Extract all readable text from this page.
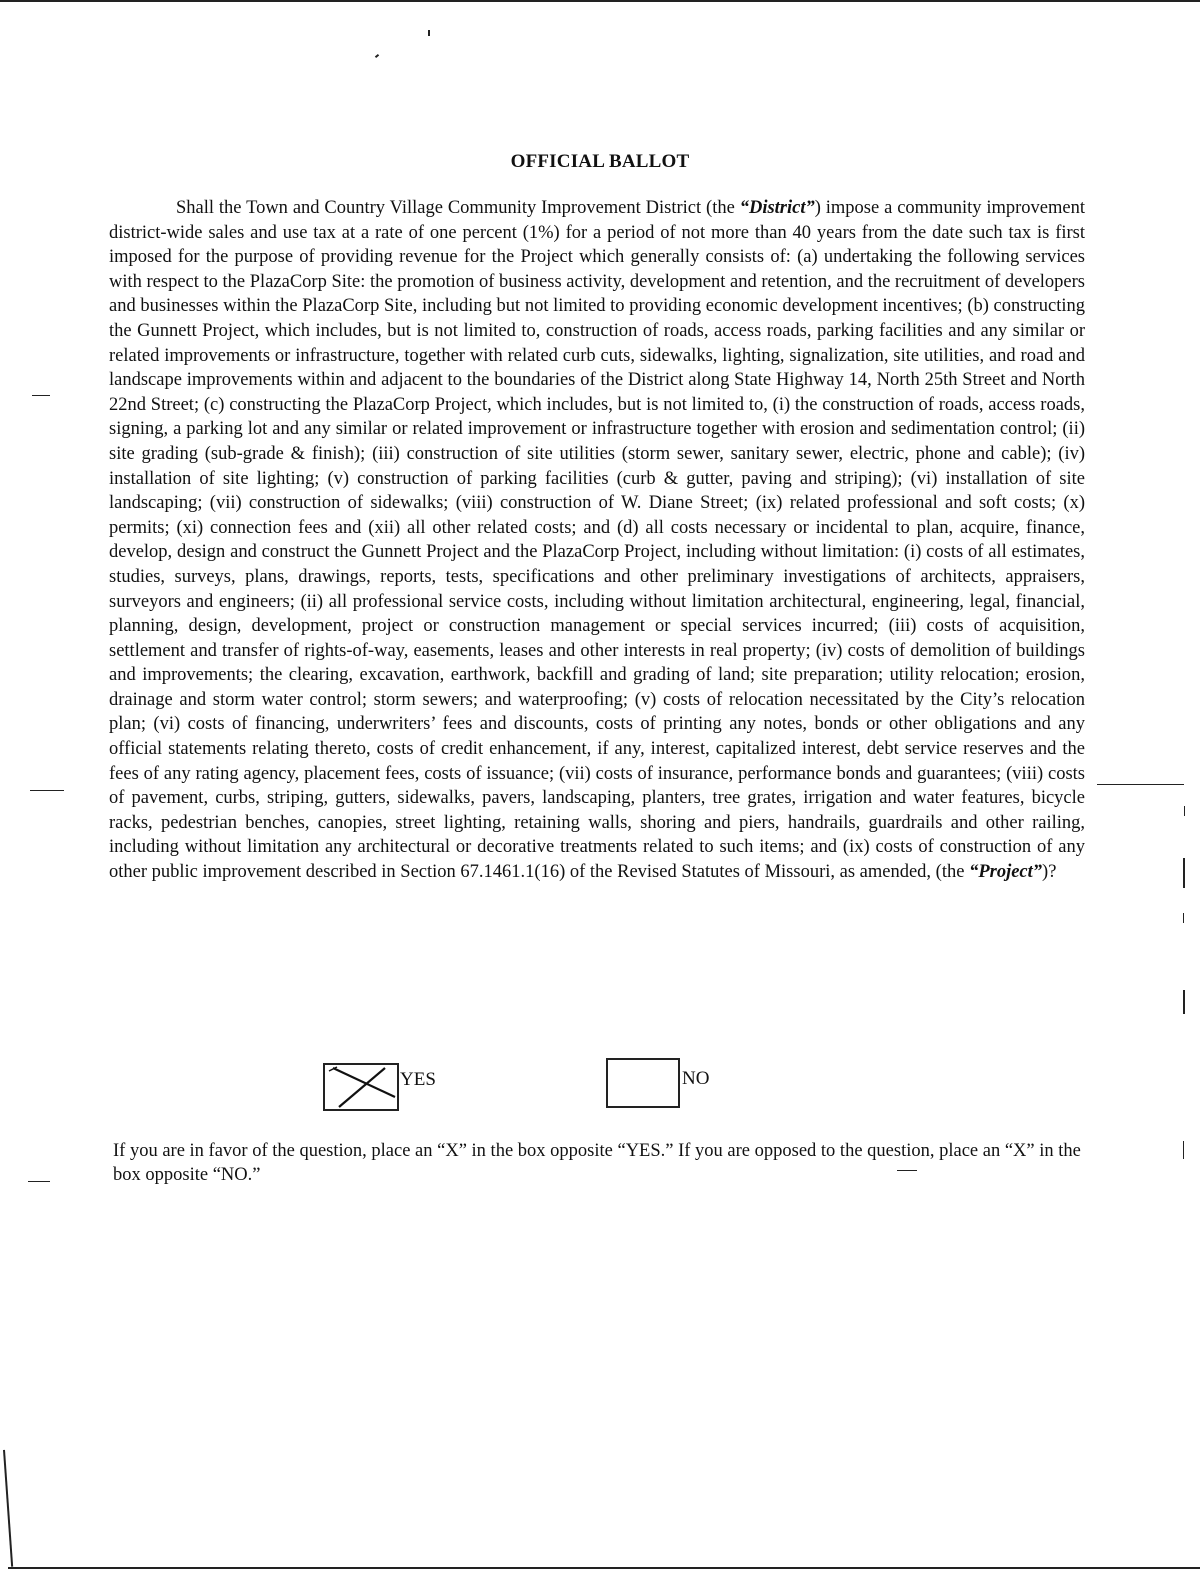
OFFICIAL BALLOT

Shall the Town and Country Village Community Improvement District (the “District”) impose a community improvement district-wide sales and use tax at a rate of one percent (1%) for a period of not more than 40 years from the date such tax is first imposed for the purpose of providing revenue for the Project which generally consists of: (a) undertaking the following services with respect to the PlazaCorp Site: the promotion of business activity, development and retention, and the recruitment of developers and businesses within the PlazaCorp Site, including but not limited to providing economic development incentives; (b) constructing the Gunnett Project, which includes, but is not limited to, construction of roads, access roads, parking facilities and any similar or related improvements or infrastructure, together with related curb cuts, sidewalks, lighting, signalization, site utilities, and road and landscape improvements within and adjacent to the boundaries of the District along State Highway 14, North 25th Street and North 22nd Street; (c) constructing the PlazaCorp Project, which includes, but is not limited to, (i) the construction of roads, access roads, signing, a parking lot and any similar or related improvement or infrastructure together with erosion and sedimentation control; (ii) site grading (sub-grade & finish); (iii) construction of site utilities (storm sewer, sanitary sewer, electric, phone and cable); (iv) installation of site lighting; (v) construction of parking facilities (curb & gutter, paving and striping); (vi) installation of site landscaping; (vii) construction of sidewalks; (viii) construction of W. Diane Street; (ix) related professional and soft costs; (x) permits; (xi) connection fees and (xii) all other related costs; and (d) all costs necessary or incidental to plan, acquire, finance, develop, design and construct the Gunnett Project and the PlazaCorp Project, including without limitation: (i) costs of all estimates, studies, surveys, plans, drawings, reports, tests, specifications and other preliminary investigations of architects, appraisers, surveyors and engineers; (ii) all professional service costs, including without limitation architectural, engineering, legal, financial, planning, design, development, project or construction management or special services incurred; (iii) costs of acquisition, settlement and transfer of rights-of-way, easements, leases and other interests in real property; (iv) costs of demolition of buildings and improvements; the clearing, excavation, earthwork, backfill and grading of land; site preparation; utility relocation; erosion, drainage and storm water control; storm sewers; and waterproofing; (v) costs of relocation necessitated by the City’s relocation plan; (vi) costs of financing, underwriters’ fees and discounts, costs of printing any notes, bonds or other obligations and any official statements relating thereto, costs of credit enhancement, if any, interest, capitalized interest, debt service reserves and the fees of any rating agency, placement fees, costs of issuance; (vii) costs of insurance, performance bonds and guarantees; (viii) costs of pavement, curbs, striping, gutters, sidewalks, pavers, landscaping, planters, tree grates, irrigation and water features, bicycle racks, pedestrian benches, canopies, street lighting, retaining walls, shoring and piers, handrails, guardrails and other railing, including without limitation any architectural or decorative treatments related to such items; and (ix) costs of construction of any other public improvement described in Section 67.1461.1(16) of the Revised Statutes of Missouri, as amended, (the “Project”)?

YES	NO

If you are in favor of the question, place an “X” in the box opposite “YES.” If you are opposed to the question, place an “X” in the box opposite “NO.”
